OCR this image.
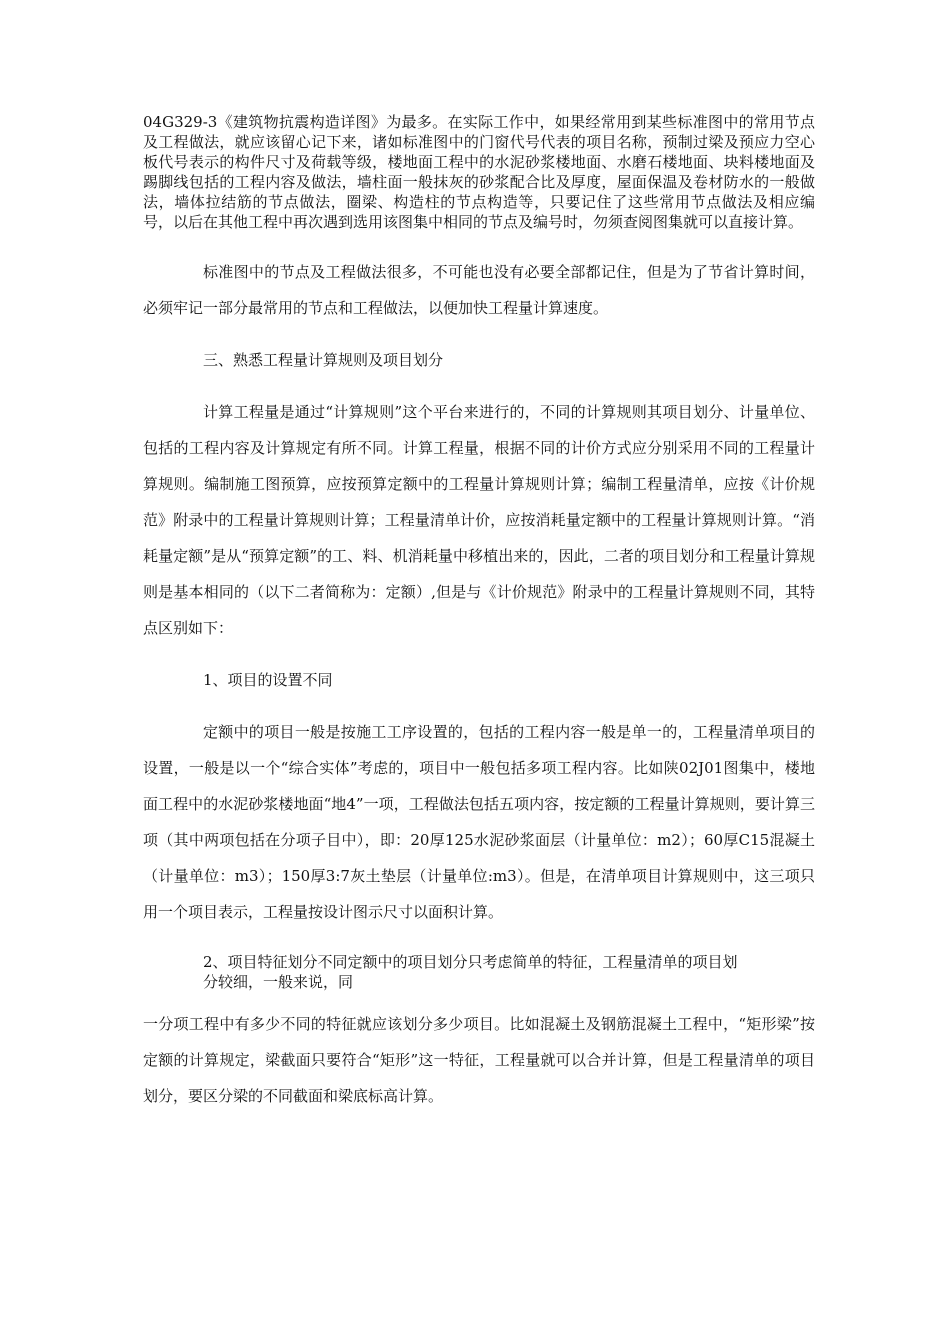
04G329-3《建筑物抗震构造详图》为最多。在实际工作中，如果经常用到某些标准图中的常用节点及工程做法，就应该留心记下来，诸如标准图中的门窗代号代表的项目名称，预制过梁及预应力空心板代号表示的构件尺寸及荷载等级，楼地面工程中的水泥砂浆楼地面、水磨石楼地面、块料楼地面及踢脚线包括的工程内容及做法，墙柱面一般抹灰的砂浆配合比及厚度，屋面保温及卷材防水的一般做法，墙体拉结筋的节点做法，圈梁、构造柱的节点构造等，只要记住了这些常用节点做法及相应编号，以后在其他工程中再次遇到选用该图集中相同的节点及编号时，勿须查阅图集就可以直接计算。

标准图中的节点及工程做法很多，不可能也没有必要全部都记住，但是为了节省计算时间，必须牢记一部分最常用的节点和工程做法，以便加快工程量计算速度。

三、熟悉工程量计算规则及项目划分

计算工程量是通过“计算规则”这个平台来进行的，不同的计算规则其项目划分、计量单位、包括的工程内容及计算规定有所不同。计算工程量，根据不同的计价方式应分别采用不同的工程量计算规则。编制施工图预算，应按预算定额中的工程量计算规则计算；编制工程量清单，应按《计价规范》附录中的工程量计算规则计算；工程量清单计价，应按消耗量定额中的工程量计算规则计算。“消耗量定额”是从“预算定额”的工、料、机消耗量中移植出来的，因此，二者的项目划分和工程量计算规则是基本相同的（以下二者简称为：定额）,但是与《计价规范》附录中的工程量计算规则不同，其特点区别如下：

1、项目的设置不同

定额中的项目一般是按施工工序设置的，包括的工程内容一般是单一的，工程量清单项目的设置，一般是以一个“综合实体”考虑的，项目中一般包括多项工程内容。比如陕02J01图集中，楼地面工程中的水泥砂浆楼地面“地4”一项，工程做法包括五项内容，按定额的工程量计算规则，要计算三项（其中两项包括在分项子目中），即：20厚125水泥砂浆面层（计量单位：m2）；60厚C15混凝土（计量单位：m3）；150厚3:7灰土垫层（计量单位:m3）。但是，在清单项目计算规则中，这三项只用一个项目表示，工程量按设计图示尺寸以面积计算。

2、项目特征划分不同定额中的项目划分只考虑简单的特征，工程量清单的项目划
分较细，一般来说，同

一分项工程中有多少不同的特征就应该划分多少项目。比如混凝土及钢筋混凝土工程中，“矩形梁”按定额的计算规定，梁截面只要符合“矩形”这一特征，工程量就可以合并计算，但是工程量清单的项目划分，要区分梁的不同截面和梁底标高计算。
